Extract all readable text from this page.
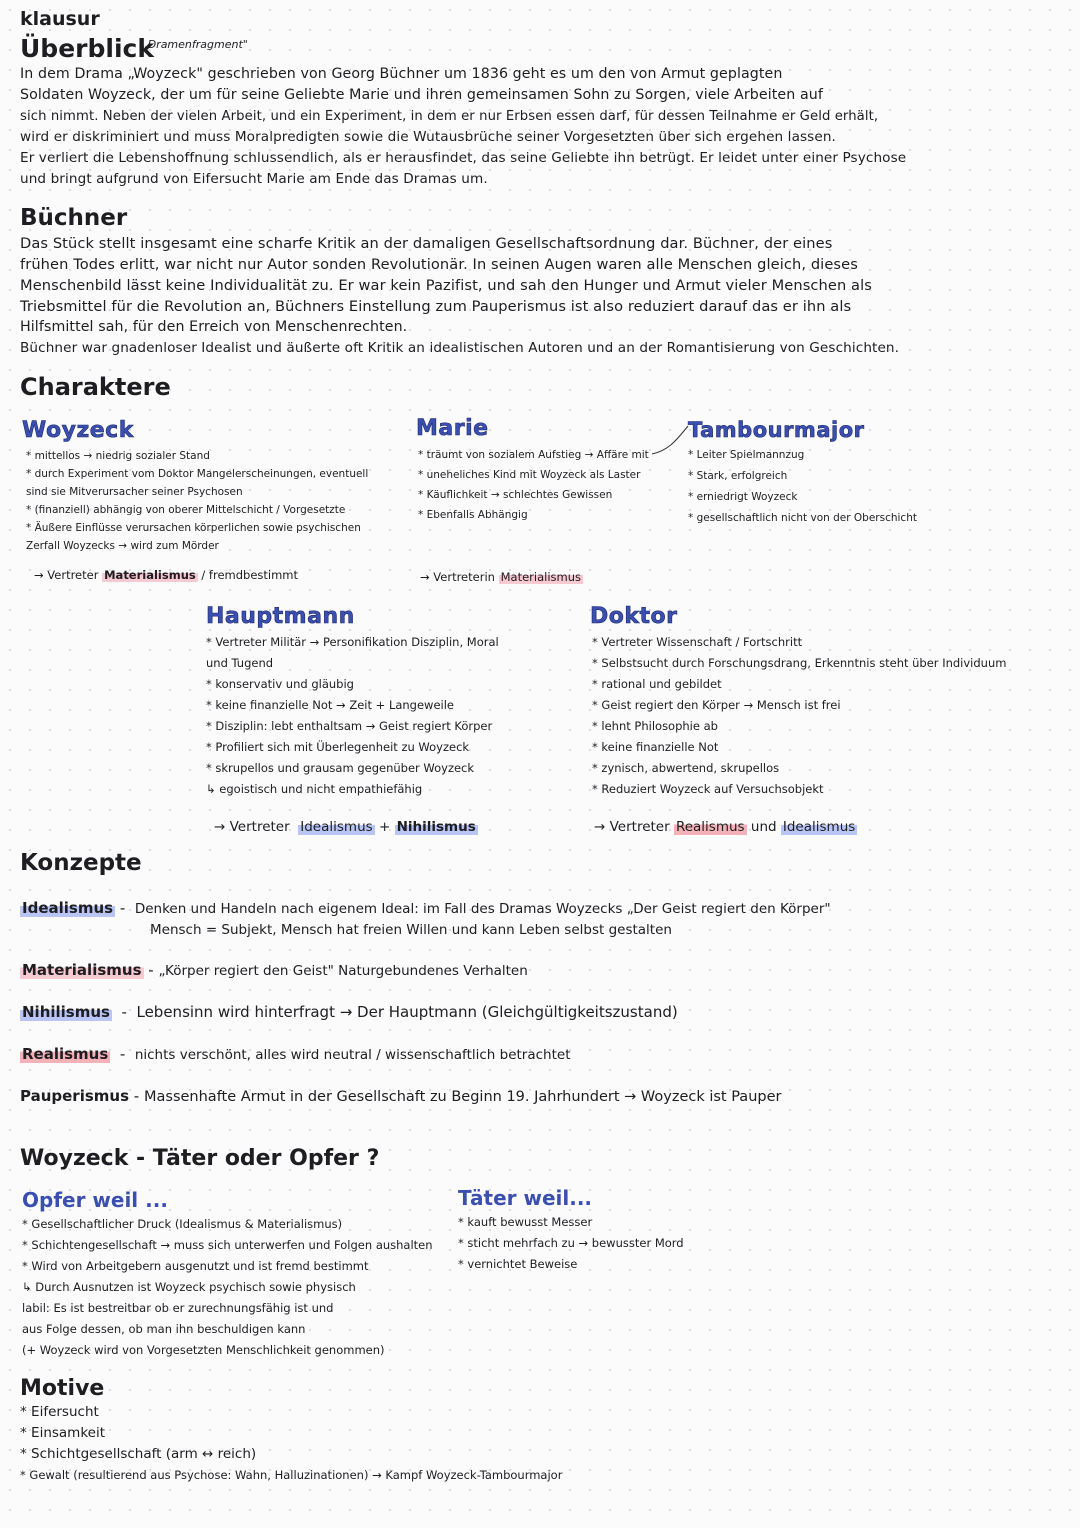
klausur
Überblick
„Dramenfragment"
In dem Drama „Woyzeck" geschrieben von Georg Büchner um 1836 geht es um den von Armut geplagten
Soldaten Woyzeck, der um für seine Geliebte Marie und ihren gemeinsamen Sohn zu Sorgen, viele Arbeiten auf
sich nimmt. Neben der vielen Arbeit, und ein Experiment, in dem er nur Erbsen essen darf, für dessen Teilnahme er Geld erhält,
wird er diskriminiert und muss Moralpredigten sowie die Wutausbrüche seiner Vorgesetzten über sich ergehen lassen.
Er verliert die Lebenshoffnung schlussendlich, als er herausfindet, das seine Geliebte ihn betrügt. Er leidet unter einer Psychose
und bringt aufgrund von Eifersucht Marie am Ende das Dramas um.
Büchner
Das Stück stellt insgesamt eine scharfe Kritik an der damaligen Gesellschaftsordnung dar. Büchner, der eines
frühen Todes erlitt, war nicht nur Autor sonden Revolutionär. In seinen Augen waren alle Menschen gleich, dieses
Menschenbild lässt keine Individualität zu. Er war kein Pazifist, und sah den Hunger und Armut vieler Menschen als
Triebsmittel für die Revolution an, Büchners Einstellung zum Pauperismus ist also reduziert darauf das er ihn als
Hilfsmittel sah, für den Erreich von Menschenrechten.
Büchner war gnadenloser Idealist und äußerte oft Kritik an idealistischen Autoren und an der Romantisierung von Geschichten.
Charaktere
Woyzeck
* mittellos → niedrig sozialer Stand
* durch Experiment vom Doktor Mangelerscheinungen, eventuell
sind sie Mitverursacher seiner Psychosen
* (finanziell) abhängig von oberer Mittelschicht / Vorgesetzte
* Äußere Einflüsse verursachen körperlichen sowie psychischen
Zerfall Woyzecks → wird zum Mörder
→ Vertreter Materialismus / fremdbestimmt
Marie
* träumt von sozialem Aufstieg → Affäre mit
* uneheliches Kind mit Woyzeck als Laster
* Käuflichkeit → schlechtes Gewissen
* Ebenfalls Abhängig
→ Vertreterin Materialismus
Tambourmajor
* Leiter Spielmannzug
* Stark, erfolgreich
* erniedrigt Woyzeck
* gesellschaftlich nicht von der Oberschicht
Hauptmann
* Vertreter Militär → Personifikation Disziplin, Moral
und Tugend
* konservativ und gläubig
* keine finanzielle Not → Zeit + Langeweile
* Disziplin: lebt enthaltsam → Geist regiert Körper
* Profiliert sich mit Überlegenheit zu Woyzeck
* skrupellos und grausam gegenüber Woyzeck
↳ egoistisch und nicht empathiefähig
→ Vertreter Idealismus + Nihilismus
Doktor
* Vertreter Wissenschaft / Fortschritt
* Selbstsucht durch Forschungsdrang, Erkenntnis steht über Individuum
* rational und gebildet
* Geist regiert den Körper → Mensch ist frei
* lehnt Philosophie ab
* keine finanzielle Not
* zynisch, abwertend, skrupellos
* Reduziert Woyzeck auf Versuchsobjekt
→ Vertreter Realismus und Idealismus
Konzepte
Idealismus - Denken und Handeln nach eigenem Ideal: im Fall des Dramas Woyzecks „Der Geist regiert den Körper"
Mensch = Subjekt, Mensch hat freien Willen und kann Leben selbst gestalten
Materialismus - „Körper regiert den Geist" Naturgebundenes Verhalten
Nihilismus - Lebensinn wird hinterfragt → Der Hauptmann (Gleichgültigkeitszustand)
Realismus - nichts verschönt, alles wird neutral / wissenschaftlich betrachtet
Pauperismus - Massenhafte Armut in der Gesellschaft zu Beginn 19. Jahrhundert → Woyzeck ist Pauper
Woyzeck - Täter oder Opfer ?
Opfer weil ...
* Gesellschaftlicher Druck (Idealismus & Materialismus)
* Schichtengesellschaft → muss sich unterwerfen und Folgen aushalten
* Wird von Arbeitgebern ausgenutzt und ist fremd bestimmt
↳ Durch Ausnutzen ist Woyzeck psychisch sowie physisch
labil: Es ist bestreitbar ob er zurechnungsfähig ist und
aus Folge dessen, ob man ihn beschuldigen kann
(+ Woyzeck wird von Vorgesetzten Menschlichkeit genommen)
Täter weil...
* kauft bewusst Messer
* sticht mehrfach zu → bewusster Mord
* vernichtet Beweise
Motive
* Eifersucht
* Einsamkeit
* Schichtgesellschaft (arm ↔ reich)
* Gewalt (resultierend aus Psychose: Wahn, Halluzinationen) → Kampf Woyzeck-Tambourmajor
